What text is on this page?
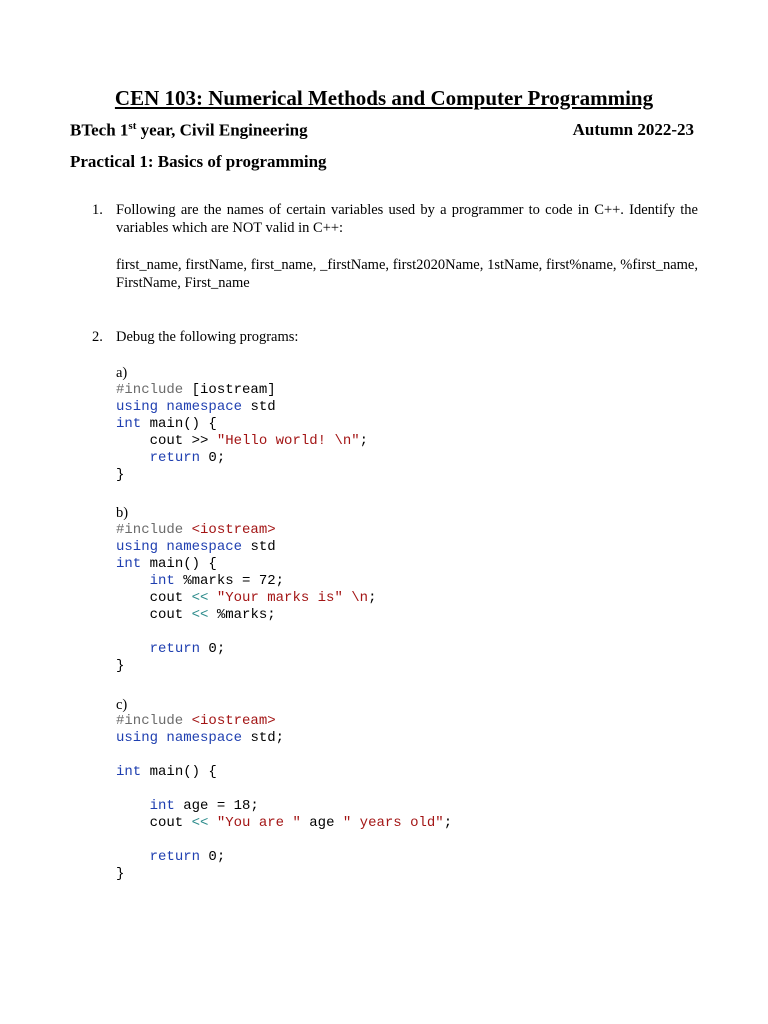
CEN 103: Numerical Methods and Computer Programming
BTech 1st year, Civil Engineering	Autumn 2022-23
Practical 1: Basics of programming
1. Following are the names of certain variables used by a programmer to code in C++. Identify the variables which are NOT valid in C++:
first_name, firstName, first_name, _firstName, first2020Name, 1stName, first%name, %first_name, FirstName, First_name
2. Debug the following programs:
a)
#include [iostream]
using namespace std
int main() {
cout >> "Hello world! \n";
return 0;
}
b)
#include <iostream>
using namespace std
int main() {
int %marks = 72;
cout << "Your marks is" \n;
cout << %marks;
return 0;
}
c)
#include <iostream>
using namespace std;
int main() {
int age = 18;
cout << "You are " age " years old";
return 0;
}
